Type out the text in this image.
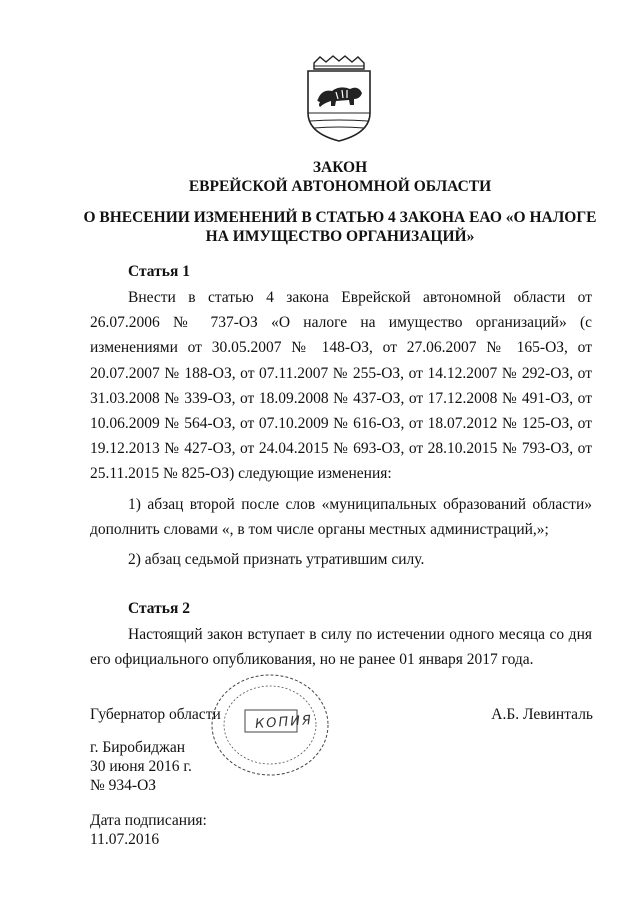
ЗАКОН
ЕВРЕЙСКОЙ АВТОНОМНОЙ ОБЛАСТИ
О ВНЕСЕНИИ ИЗМЕНЕНИЙ В СТАТЬЮ 4 ЗАКОНА ЕАО «О НАЛОГЕ
НА ИМУЩЕСТВО ОРГАНИЗАЦИЙ»
Статья 1

Внести в статью 4 закона Еврейской автономной области от 26.07.2006 № 737-ОЗ «О налоге на имущество организаций» (с изменениями от 30.05.2007 № 148-ОЗ, от 27.06.2007 № 165-ОЗ, от 20.07.2007 № 188-ОЗ, от 07.11.2007 № 255-ОЗ, от 14.12.2007 № 292-ОЗ, от 31.03.2008 № 339-ОЗ, от 18.09.2008 № 437-ОЗ, от 17.12.2008 № 491-ОЗ, от 10.06.2009 № 564-ОЗ, от 07.10.2009 № 616-ОЗ, от 18.07.2012 № 125-ОЗ, от 19.12.2013 № 427-ОЗ, от 24.04.2015 № 693-ОЗ, от 28.10.2015 № 793-ОЗ, от 25.11.2015 № 825-ОЗ) следующие изменения:

1) абзац второй после слов «муниципальных образований области» дополнить словами «, в том числе органы местных администраций,»;

2) абзац седьмой признать утратившим силу.

Статья 2

Настоящий закон вступает в силу по истечении одного месяца со дня его официального опубликования, но не ранее 01 января 2017 года.

КОПИЯ
Губернатор области	А.Б. Левинталь
г. Биробиджан
30 июня 2016 г.
№ 934-ОЗ
Дата подписания:
11.07.2016
